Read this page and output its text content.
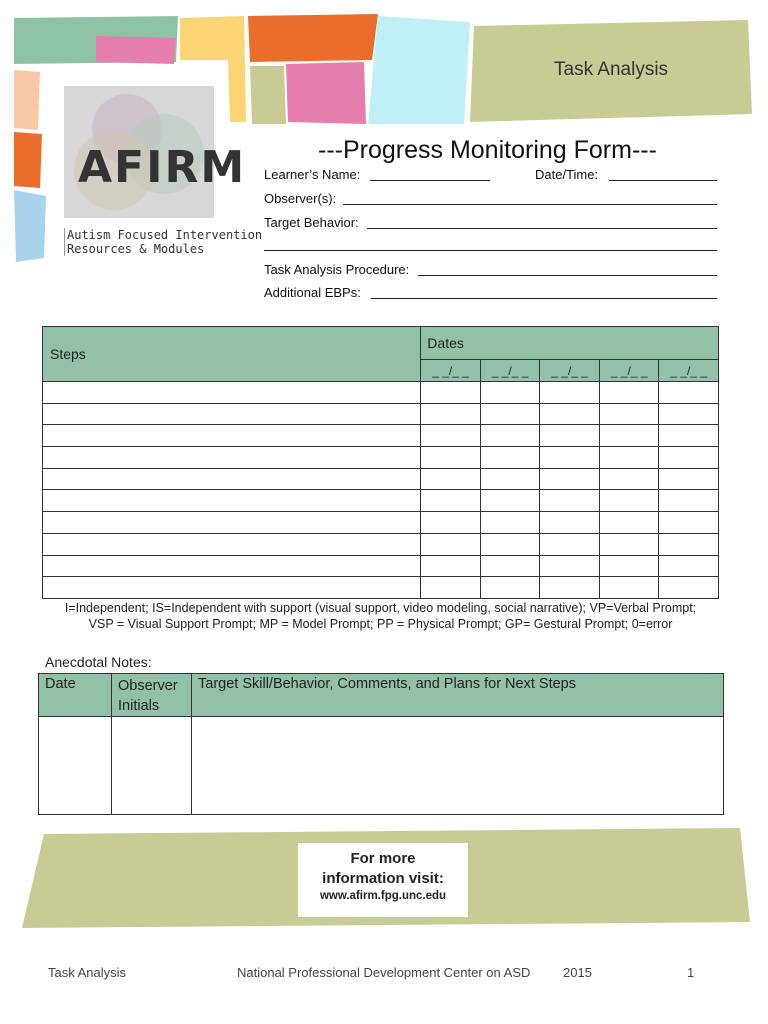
AFIRM
Autism Focused Intervention
Resources & Modules
Task Analysis
---Progress Monitoring Form---
Learner’s Name:	Date/Time:
Observer(s):
Target Behavior:
Task Analysis Procedure:
Additional EBPs:
Steps	Dates				
	_ _/_ _	_ _/_ _	_ _/_ _	_ _/_ _	_ _/_ _

I=Independent; IS=Independent with support (visual support, video modeling, social narrative); VP=Verbal Prompt;
VSP = Visual Support Prompt; MP = Model Prompt; PP = Physical Prompt; GP= Gestural Prompt; 0=error
Anecdotal Notes:
Date	Observer Initials	Target Skill/Behavior, Comments, and Plans for Next Steps

For more
information visit:
www.afirm.fpg.unc.edu
Task Analysis	National Professional Development Center on ASD	2015	1
